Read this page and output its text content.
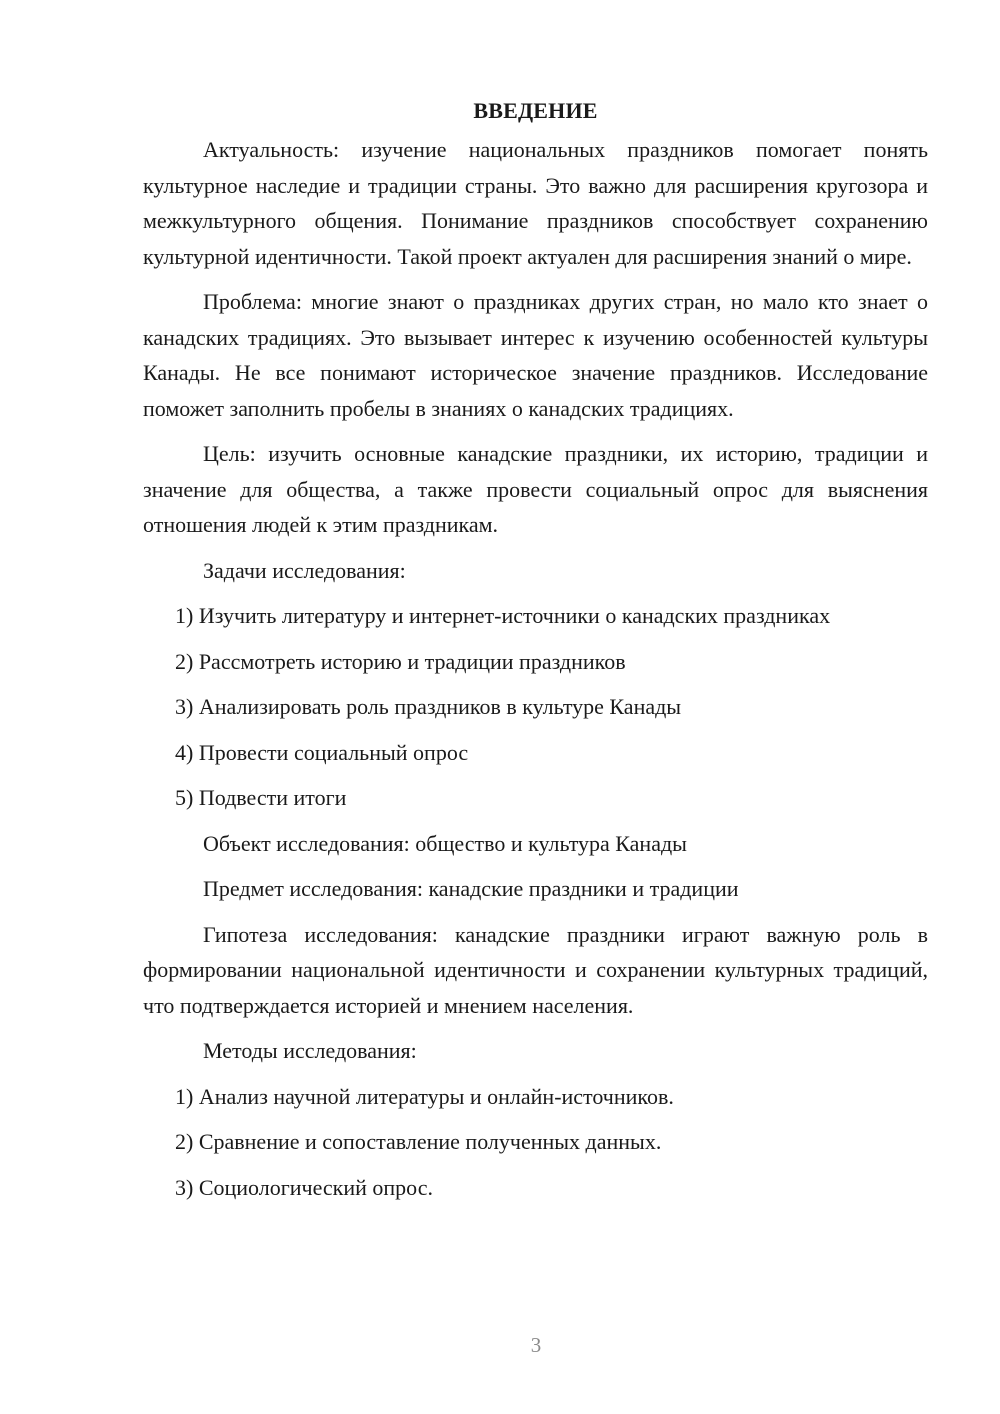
ВВЕДЕНИЕ

Актуальность: изучение национальных праздников помогает понять культурное наследие и традиции страны. Это важно для расширения кругозора и межкультурного общения. Понимание праздников способствует сохранению культурной идентичности. Такой проект актуален для расширения знаний о мире.

Проблема: многие знают о праздниках других стран, но мало кто знает о канадских традициях. Это вызывает интерес к изучению особенностей культуры Канады. Не все понимают историческое значение праздников. Исследование поможет заполнить пробелы в знаниях о канадских традициях.

Цель: изучить основные канадские праздники, их историю, традиции и значение для общества, а также провести социальный опрос для выяснения отношения людей к этим праздникам.

Задачи исследования:

1) Изучить литературу и интернет-источники о канадских праздниках

2) Рассмотреть историю и традиции праздников

3) Анализировать роль праздников в культуре Канады

4) Провести социальный опрос

5) Подвести итоги

Объект исследования: общество и культура Канады

Предмет исследования: канадские праздники и традиции

Гипотеза исследования: канадские праздники играют важную роль в формировании национальной идентичности и сохранении культурных традиций, что подтверждается историей и мнением населения.

Методы исследования:

1) Анализ научной литературы и онлайн-источников.

2) Сравнение и сопоставление полученных данных.

3) Социологический опрос.

3
